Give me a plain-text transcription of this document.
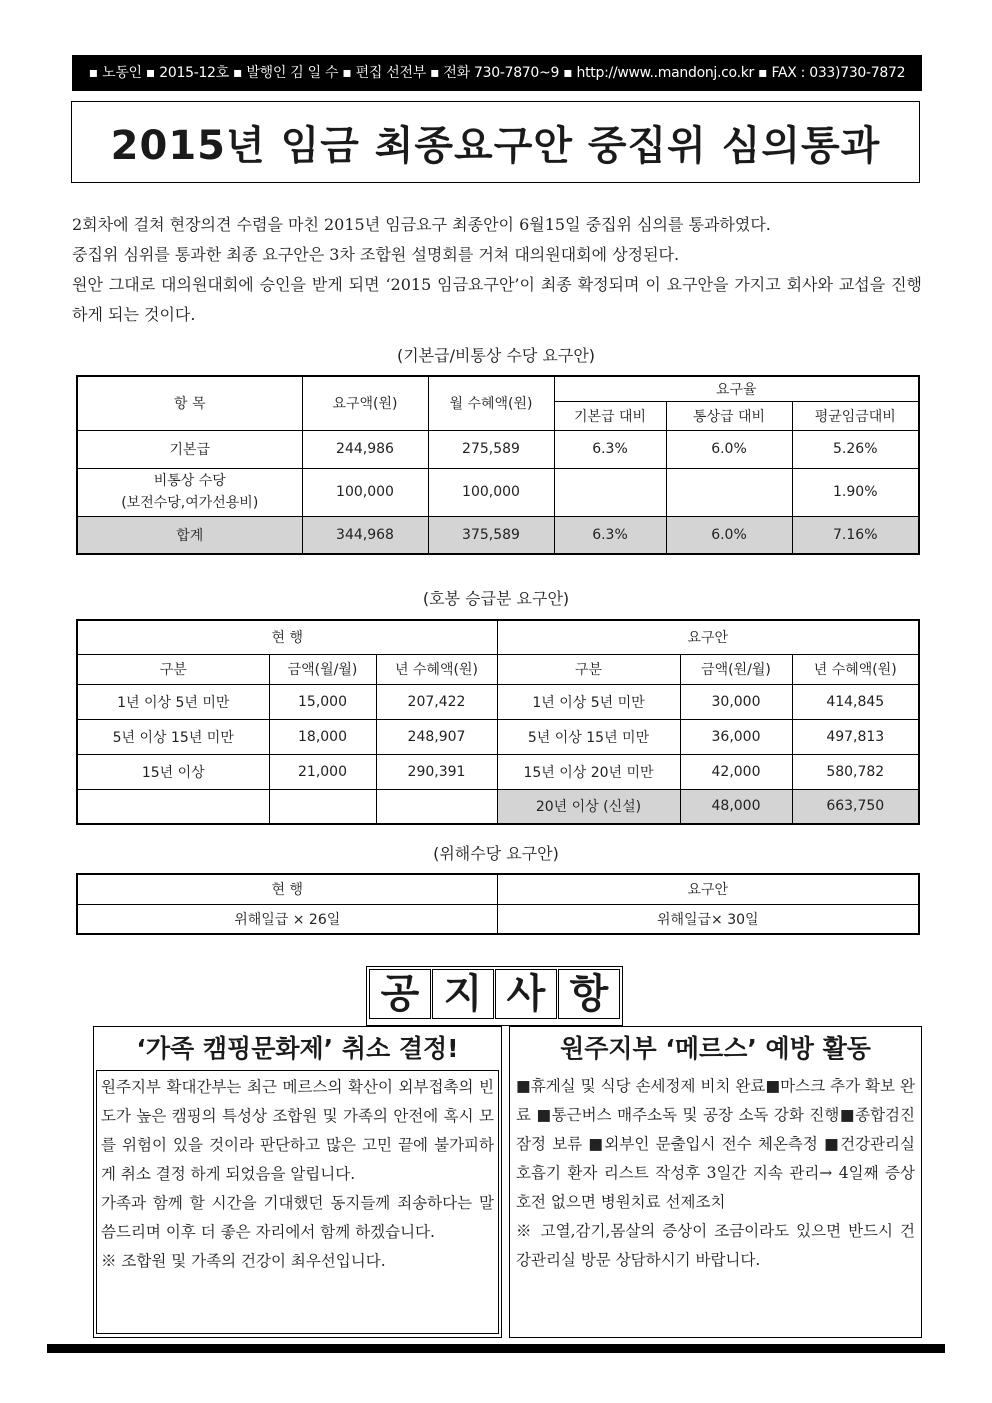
▪ 노동인 ▪ 2015-12호 ▪ 발행인 김 일 수 ▪ 편집 선전부 ▪ 전화 730-7870~9 ▪ http://www..mandonj.co.kr ▪ FAX : 033)730-7872
2015년 임금 최종요구안 중집위 심의통과

2회차에 걸쳐 현장의견 수렴을 마친 2015년 임금요구 최종안이 6월15일 중집위 심의를 통과하였다.

중집위 심위를 통과한 최종 요구안은 3차 조합원 설명회를 거쳐 대의원대회에 상정된다.

원안 그대로 대의원대회에 승인을 받게 되면 ‘2015 임금요구안’이 최종 확정되며 이 요구안을 가지고 회사와 교섭을 진행하게 되는 것이다.

(기본급/비통상 수당 요구안)
항 목	요구액(원)	월 수혜액(원)	요구율		
			기본급 대비	통상급 대비	평균임금대비
기본급	244,986	275,589	6.3%	6.0%	5.26%

비통상 수당
(보전수당,여가선용비)	100,000	100,000			1.90%
합계	344,968	375,589	6.3%	6.0%	7.16%
(호봉 승급분 요구안)
현 행			요구안		
구분	금액(월/월)	년 수혜액(원)	구분	금액(원/월)	년 수혜액(원)
1년 이상 5년 미만	15,000	207,422	1년 이상 5년 미만	30,000	414,845
5년 이상 15년 미만	18,000	248,907	5년 이상 15년 미만	36,000	497,813
15년 이상	21,000	290,391	15년 이상 20년 미만	42,000	580,782
			20년 이상 (신설)	48,000	663,750
(위해수당 요구안)
현 행	요구안
위해일급 × 26일	위해일급× 30일
공 지 사 항
‘가족 캠핑문화제’ 취소 결정!

원주지부 확대간부는 최근 메르스의 확산이 외부접촉의 빈도가 높은 캠핑의 특성상 조합원 및 가족의 안전에 혹시 모를 위험이 있을 것이라 판단하고 많은 고민 끝에 불가피하게 취소 결정 하게 되었음을 알립니다.

가족과 함께 할 시간을 기대했던 동지들께 죄송하다는 말씀드리며 이후 더 좋은 자리에서 함께 하겠습니다.

※ 조합원 및 가족의 건강이 최우선입니다.

원주지부 ‘메르스’ 예방 활동

■휴게실 및 식당 손세정제 비치 완료■마스크 추가 확보 완료 ■통근버스 매주소독 및 공장 소독 강화 진행■종합검진 잠정 보류 ■외부인 문출입시 전수 체온측정 ■건강관리실 호흡기 환자 리스트 작성후 3일간 지속 관리→ 4일째 증상호전 없으면 병원치료 선제조치

※ 고열,감기,몸살의 증상이 조금이라도 있으면 반드시 건강관리실 방문 상담하시기 바랍니다.
